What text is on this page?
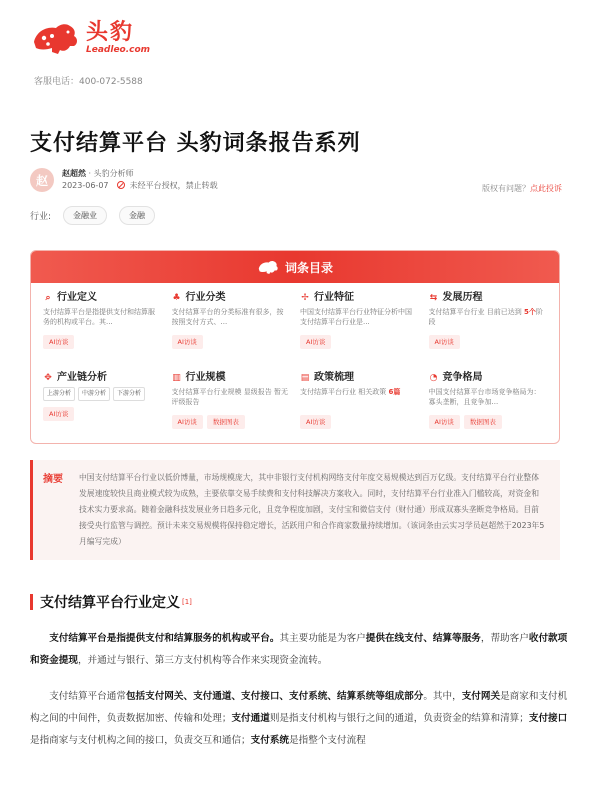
头豹
Leadleo.com
客服电话：400-072-5588
支付结算平台 头豹词条报告系列
赵	赵超然 · 头豹分析师
2023-06-07	未经平台授权，禁止转载	版权有问题？点此投诉
行业:	金融业	金融
词条目录
⌕ 行业定义
支付结算平台是指提供支付和结算服务的机构或平台。其...
AI访谈
♣ 行业分类
支付结算平台的分类标准有很多，按按照支付方式、...
AI访谈
✢ 行业特征
中国支付结算平台行业特征分析中国支付结算平台行业是...
AI访谈
⇆ 发展历程
支付结算平台行业 目前已达到 5个阶段
AI访谈
✥ 产业链分析
上游分析	中游分析	下游分析
AI访谈
▥ 行业规模
支付结算平台行业规模 显级报告 暂无评级报告
AI访谈	数据图表
▤ 政策梳理
支付结算平台行业 相关政策 6篇
AI访谈
◔ 竞争格局
中国支付结算平台市场竞争格局为：寡头垄断，且竞争加...
AI访谈	数据图表
摘要	中国支付结算平台行业以低价博量，市场规模庞大，其中非银行支付机构网络支付年度交易规模达到百万亿级。支付结算平台行业整体发展速度较快且商业模式较为成熟，主要依靠交易手续费和支付科技解决方案收入。同时，支付结算平台行业准入门槛较高，对资金和技术实力要求高。随着金融科技发展业务日趋多元化，且竞争程度加剧，支付宝和微信支付（财付通）形成双寡头垄断竞争格局。目前接受央行监管与调控。预计未来交易规模将保持稳定增长，活跃用户和合作商家数量持续增加。（该词条由云实习学员赵超然于2023年5月编写完成）
支付结算平台行业定义 [1]
支付结算平台是指提供支付和结算服务的机构或平台。其主要功能是为客户提供在线支付、结算等服务，帮助客户收付款项和资金提现，并通过与银行、第三方支付机构等合作来实现资金流转。
支付结算平台通常包括支付网关、支付通道、支付接口、支付系统、结算系统等组成部分。其中，支付网关是商家和支付机构之间的中间件，负责数据加密、传输和处理；支付通道则是指支付机构与银行之间的通道，负责资金的结算和清算；支付接口是指商家与支付机构之间的接口，负责交互和通信；支付系统是指整个支付流程
